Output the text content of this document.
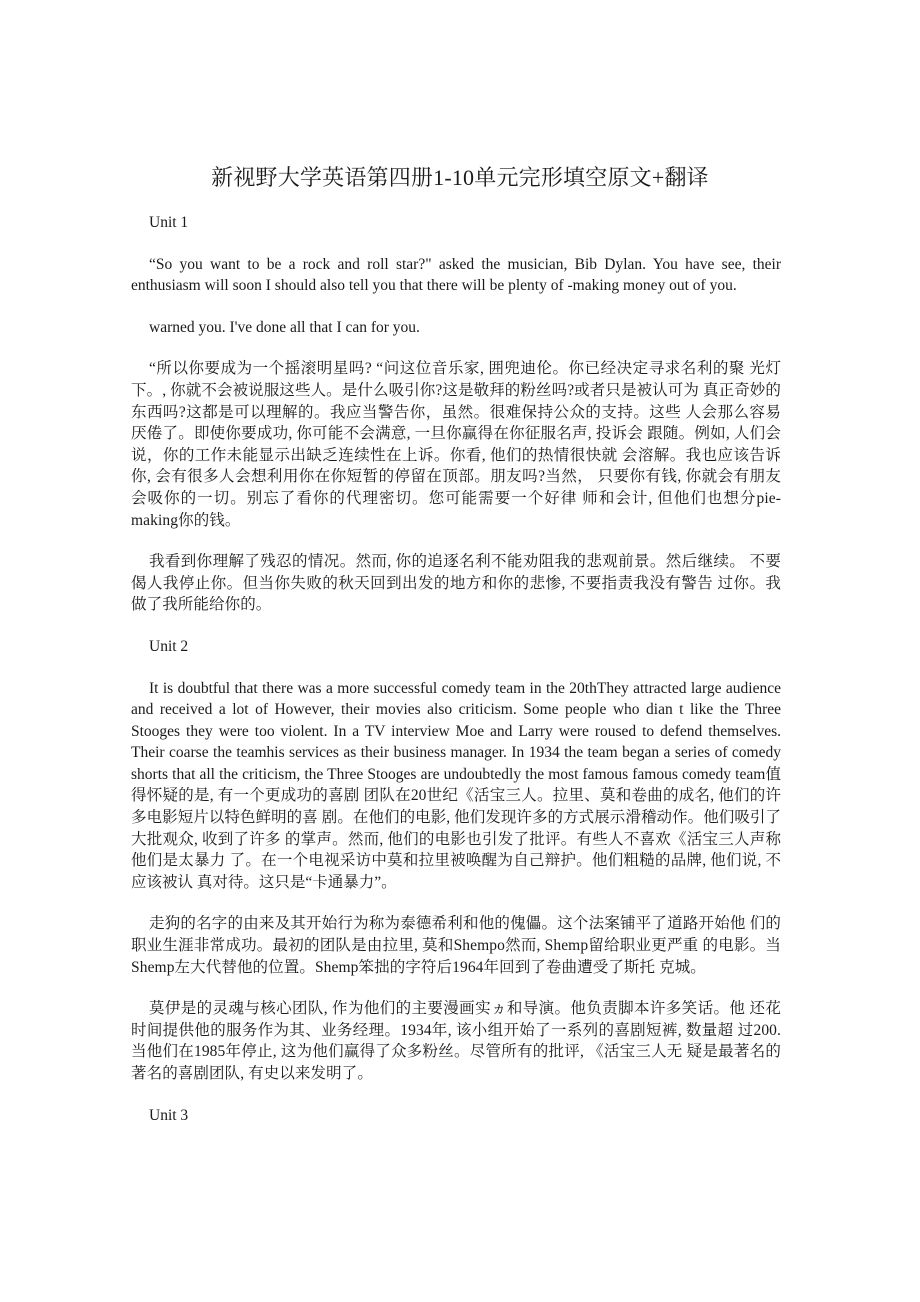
新视野大学英语第四册1-10单元完形填空原文+翻译

Unit 1

“So you want to be a rock and roll star?" asked the musician, Bib Dylan. You have see, their enthusiasm will soon I should also tell you that there will be plenty of -making money out of you.

warned you. I've done all that I can for you.

“所以你要成为一个摇滚明星吗? “问这位音乐家, 囲兜迪伦。你已经决定寻求名利的聚 光灯下。, 你就不会被说服这些人。是什么吸引你?这是敬拜的粉丝吗?或者只是被认可为 真正奇妙的东西吗?这都是可以理解的。我应当警告你，虽然。很难保持公众的支持。这些 人会那么容易厌倦了。即使你要成功, 你可能不会满意, 一旦你赢得在你征服名声, 投诉会 跟随。例如, 人们会说，你的工作未能显示出缺乏连续性在上诉。你看, 他们的热情很快就 会溶解。我也应该告诉你, 会有很多人会想利用你在你短暂的停留在顶部。朋友吗?当然， 只要你有钱, 你就会有朋友会吸你的一切。别忘了看你的代理密切。您可能需要一个好律 师和会计, 但他们也想分pie-making你的钱。

我看到你理解了残忍的情况。然而, 你的追逐名利不能劝阻我的悲观前景。然后继续。 不要偈人我停止你。但当你失败的秋天回到出发的地方和你的悲惨, 不要指责我没有警告 过你。我做了我所能给你的。

Unit 2

It is doubtful that there was a more successful comedy team in the 20thThey attracted large audience and received a lot of However, their movies also criticism. Some people who dian t like the Three Stooges they were too violent. In a TV interview Moe and Larry were roused to defend themselves. Their coarse the teamhis services as their business manager. In 1934 the team began a series of comedy shorts that all the criticism, the Three Stooges are undoubtedly the most famous famous comedy team值得怀疑的是, 有一个更成功的喜剧 团队在20世纪《活宝三人。拉里、莫和卷曲的成名, 他们的许多电影短片以特色鲜明的喜 剧。在他们的电影, 他们发现许多的方式展示滑稽动作。他们吸引了大批观众, 收到了许多 的掌声。然而, 他们的电影也引发了批评。有些人不喜欢《活宝三人声称他们是太暴力 了。在一个电视采访中莫和拉里被唤醒为自己辩护。他们粗糙的品牌, 他们说, 不应该被认 真对待。这只是“卡通暴力”。

走狗的名字的由来及其开始行为称为泰德希利和他的傀儡。这个法案铺平了道路开始他 们的职业生涯非常成功。最初的团队是由拉里, 莫和Shempo然而, Shemp留给职业更严重 的电影。当Shemp左大代替他的位置。Shemp笨拙的字符后1964年回到了卷曲遭受了斯托 克城。

莫伊是的灵魂与核心团队, 作为他们的主要漫画实ヵ和导演。他负责脚本许多笑话。他 还花时间提供他的服务作为其、业务经理。1934年, 该小组开始了一系列的喜剧短裤, 数量超 过200.当他们在1985年停止, 这为他们赢得了众多粉丝。尽管所有的批评, 《活宝三人无 疑是最著名的著名的喜剧团队, 有史以来发明了。

Unit 3
